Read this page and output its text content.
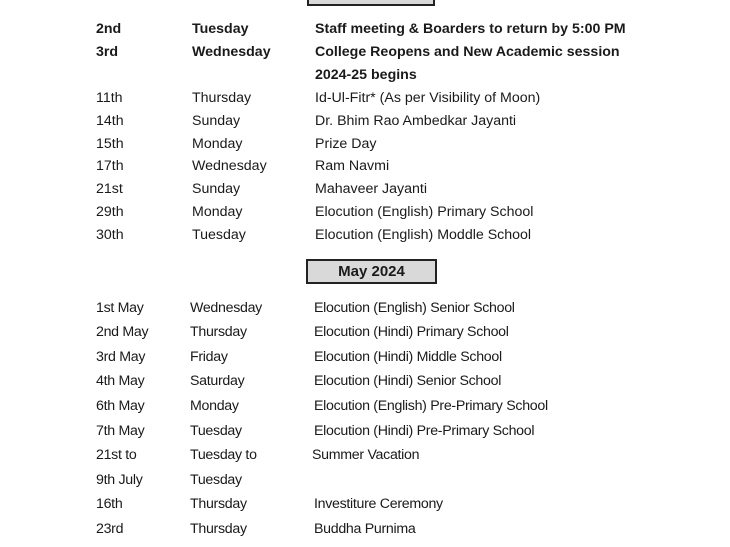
2nd	Tuesday	Staff meeting & Boarders to return by 5:00 PM
3rd	Wednesday	College Reopens and New Academic session
2024-25 begins
11th	Thursday	Id-Ul-Fitr* (As per Visibility of Moon)
14th	Sunday	Dr. Bhim Rao Ambedkar Jayanti
15th	Monday	Prize Day
17th	Wednesday	Ram Navmi
21st	Sunday	Mahaveer Jayanti
29th	Monday	Elocution (English) Primary School
30th	Tuesday	Elocution (English) Moddle School
May 2024
1st May	Wednesday	Elocution (English) Senior School
2nd May	Thursday	Elocution (Hindi) Primary School
3rd May	Friday	Elocution (Hindi) Middle School
4th May	Saturday	Elocution (Hindi) Senior School
6th May	Monday	Elocution (English) Pre-Primary School
7th May	Tuesday	Elocution (Hindi) Pre-Primary School
21st to	Tuesday to	Summer Vacation
9th July	Tuesday
16th	Thursday	Investiture Ceremony
23rd	Thursday	Buddha Purnima
